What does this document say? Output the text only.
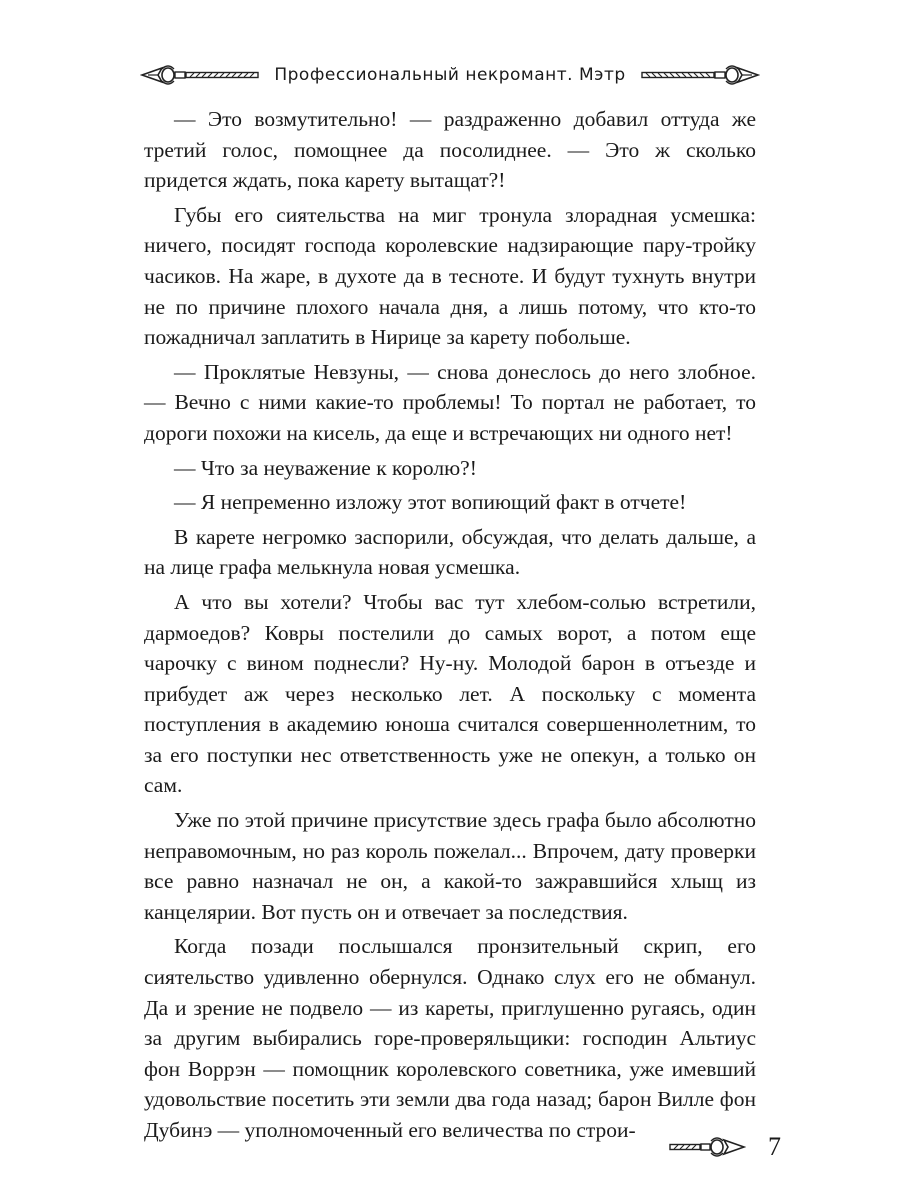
Профессиональный некромант. Мэтр

— Это возмутительно! — раздраженно добавил оттуда же третий голос, помощнее да посолиднее. — Это ж сколько придется ждать, пока карету вытащат?!

Губы его сиятельства на миг тронула злорадная усмешка: ничего, посидят господа королевские надзирающие пару-тройку часиков. На жаре, в духоте да в тесноте. И будут тухнуть внутри не по причине плохого начала дня, а лишь потому, что кто-то пожадничал заплатить в Нирице за карету побольше.

— Проклятые Невзуны, — снова донеслось до него злобное. — Вечно с ними какие-то проблемы! То портал не работает, то дороги похожи на кисель, да еще и встречающих ни одного нет!

— Что за неуважение к королю?!

— Я непременно изложу этот вопиющий факт в отчете!

В карете негромко заспорили, обсуждая, что делать дальше, а на лице графа мелькнула новая усмешка.

А что вы хотели? Чтобы вас тут хлебом-солью встретили, дармоедов? Ковры постелили до самых ворот, а потом еще чарочку с вином поднесли? Ну-ну. Молодой барон в отъезде и прибудет аж через несколько лет. А поскольку с момента поступления в академию юноша считался совершеннолетним, то за его поступки нес ответственность уже не опекун, а только он сам.

Уже по этой причине присутствие здесь графа было абсолютно неправомочным, но раз король пожелал... Впрочем, дату проверки все равно назначал не он, а какой-то зажравшийся хлыщ из канцелярии. Вот пусть он и отвечает за последствия.

Когда позади послышался пронзительный скрип, его сиятельство удивленно обернулся. Однако слух его не обманул. Да и зрение не подвело — из кареты, приглушенно ругаясь, один за другим выбирались горе-проверяльщики: господин Альтиус фон Воррэн — помощник королевского советника, уже имевший удовольствие посетить эти земли два года назад; барон Вилле фон Дубинэ — уполномоченный его величества по строи-

7
